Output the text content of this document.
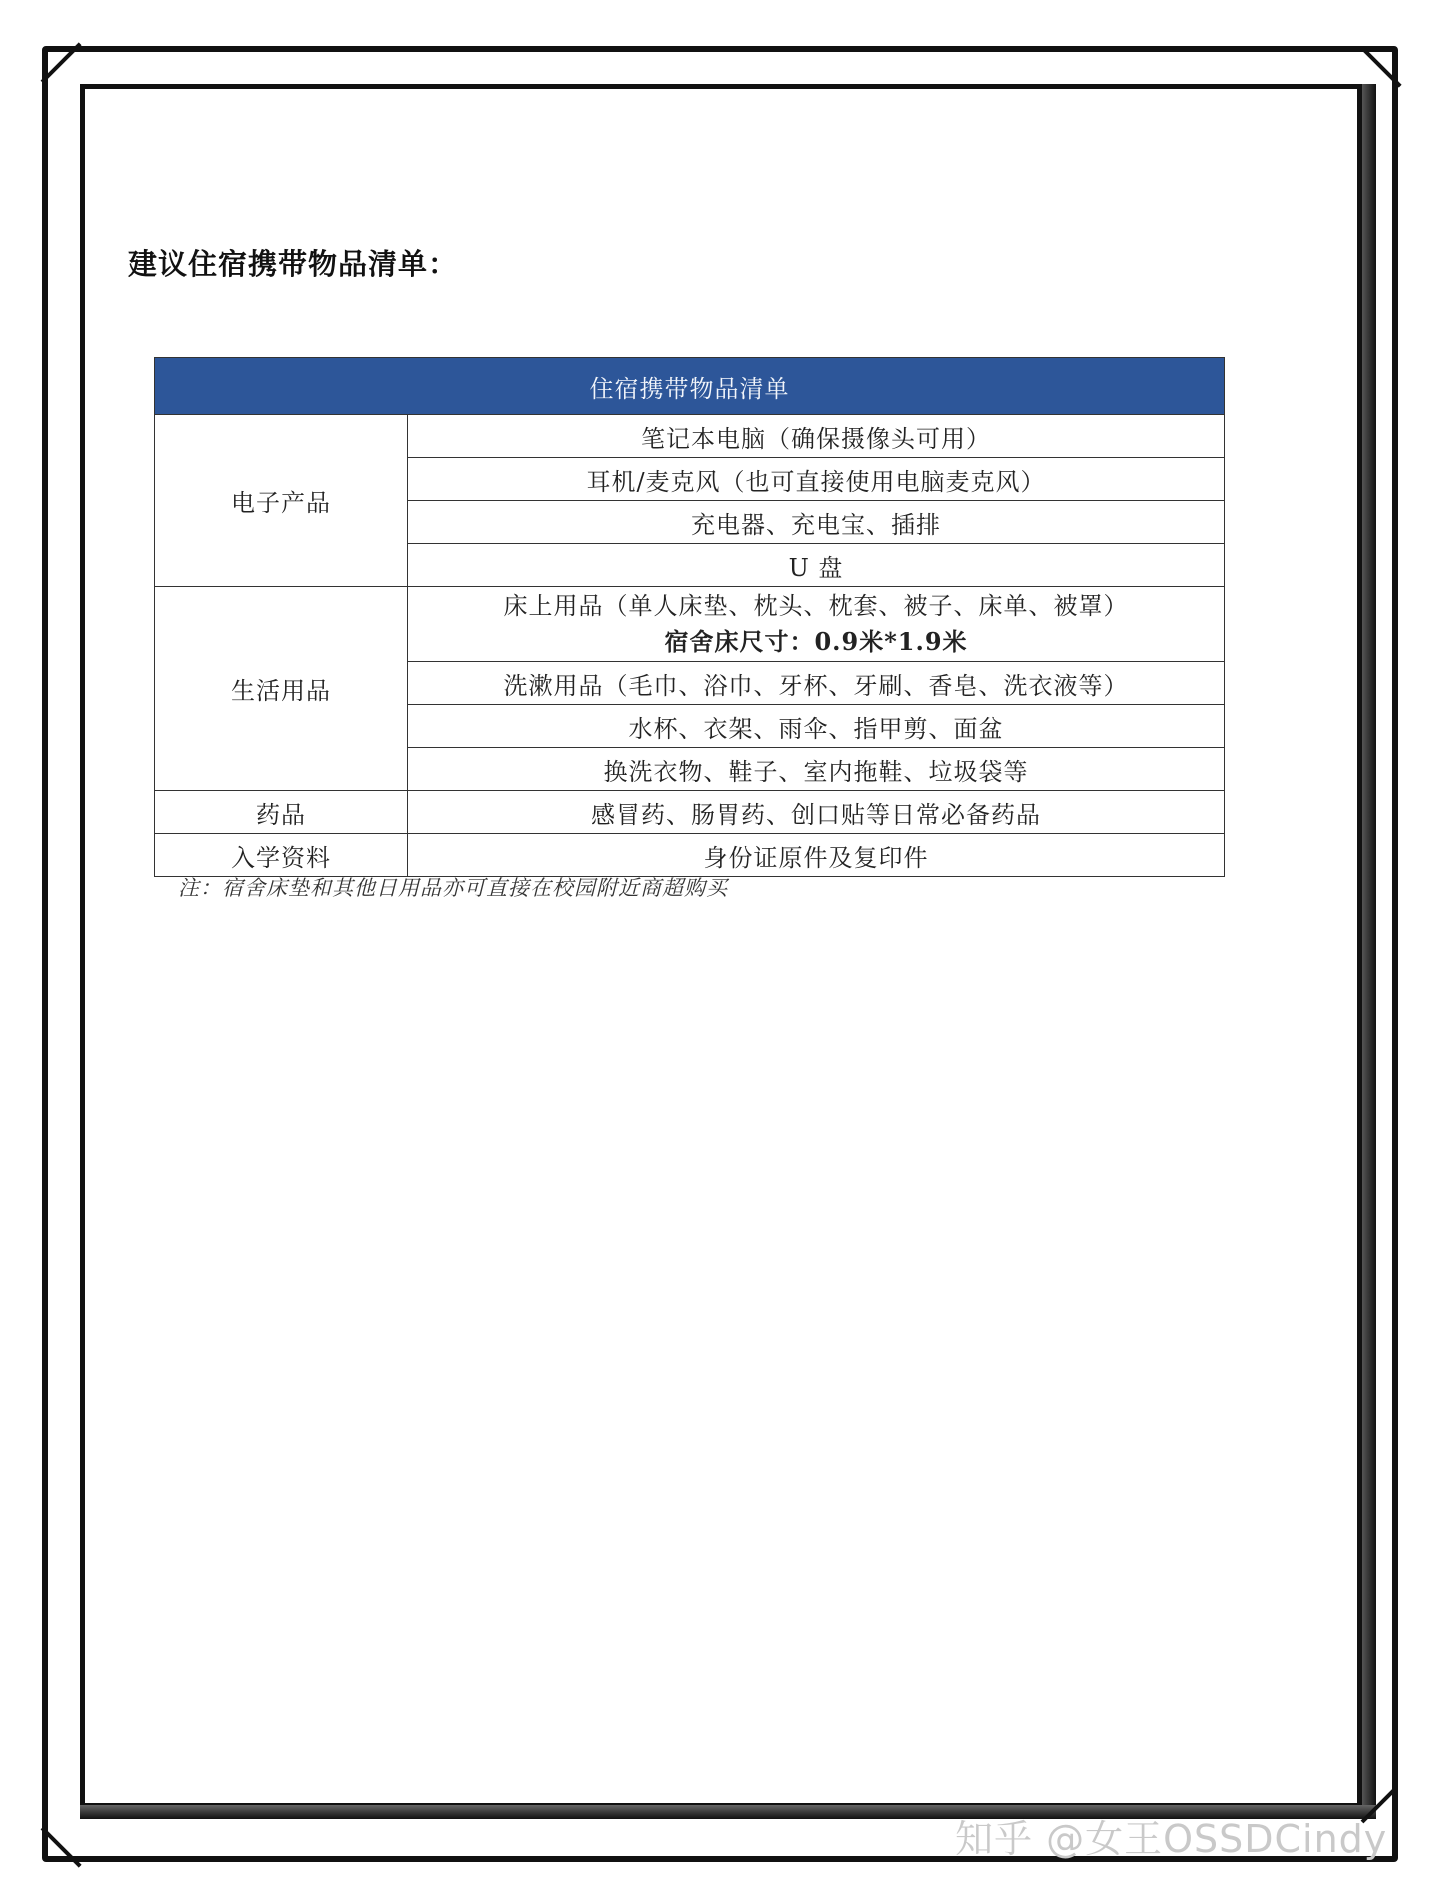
建议住宿携带物品清单：
住宿携带物品清单	
电子产品	笔记本电脑（确保摄像头可用）
	耳机/麦克风（也可直接使用电脑麦克风）
	充电器、充电宝、插排
	U 盘
生活用品	床上用品（单人床垫、枕头、枕套、被子、床单、被罩）
宿舍床尺寸：0.9米*1.9米

	洗漱用品（毛巾、浴巾、牙杯、牙刷、香皂、洗衣液等）
	水杯、衣架、雨伞、指甲剪、面盆
	换洗衣物、鞋子、室内拖鞋、垃圾袋等
药品	感冒药、肠胃药、创口贴等日常必备药品
入学资料	身份证原件及复印件

注：宿舍床垫和其他日用品亦可直接在校园附近商超购买

知乎 @女王OSSDCindy
